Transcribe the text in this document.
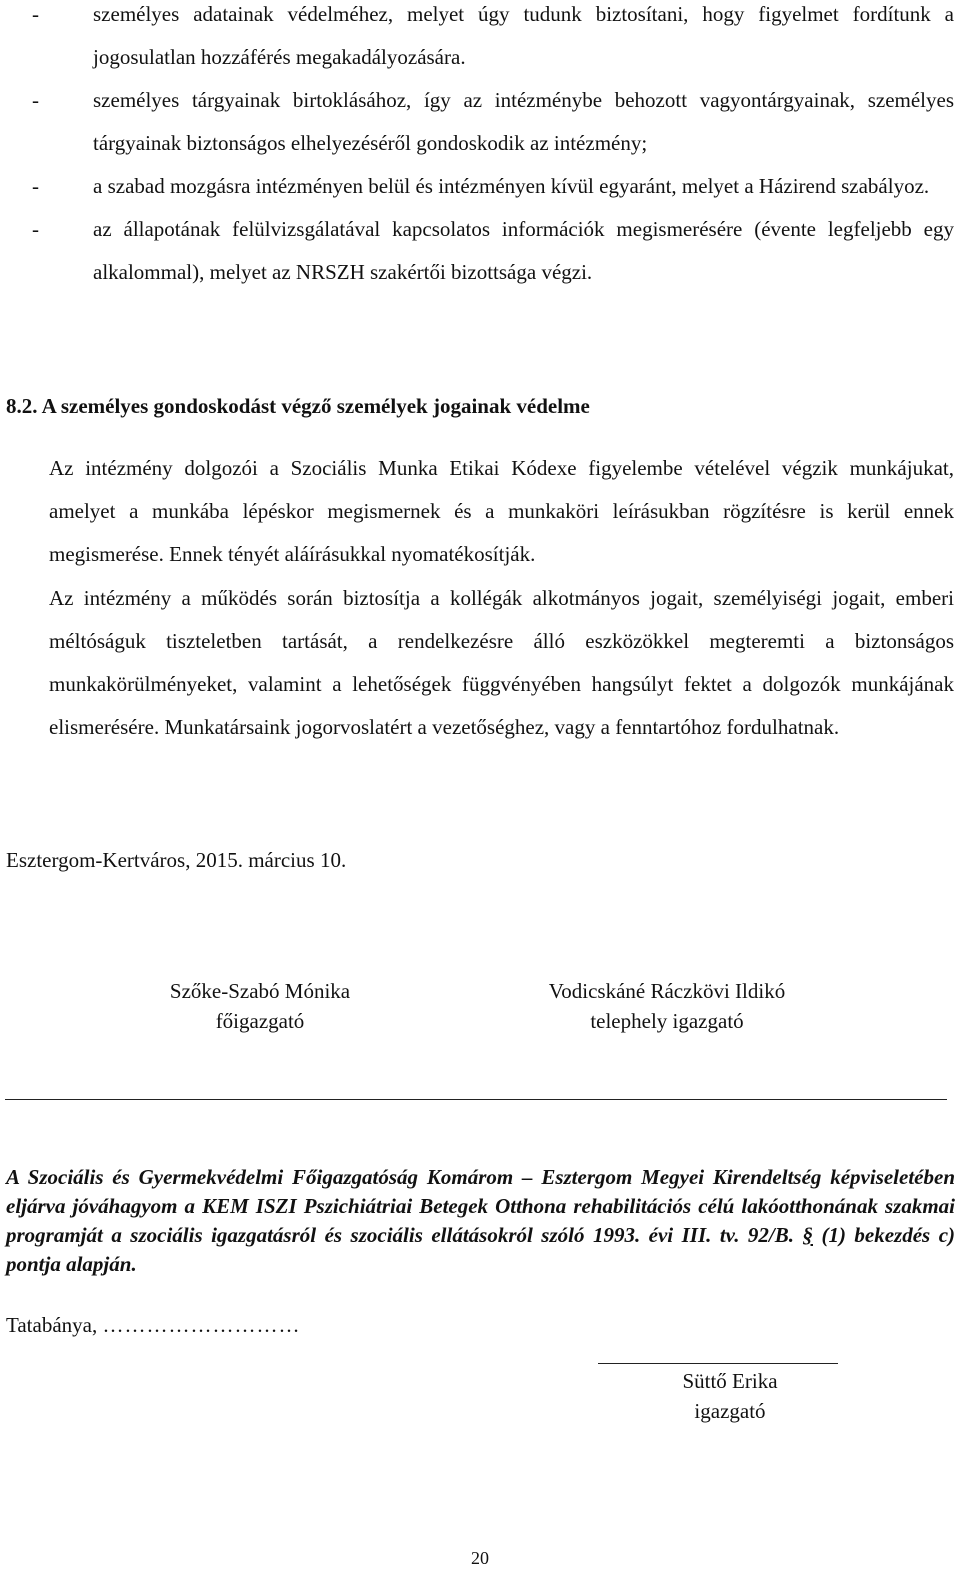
-	személyes adatainak védelméhez, melyet úgy tudunk biztosítani, hogy figyelmet fordítunk a jogosulatlan hozzáférés megakadályozására.
-	személyes tárgyainak birtoklásához, így az intézménybe behozott vagyontárgyainak, személyes tárgyainak biztonságos elhelyezéséről gondoskodik az intézmény;
-	a szabad mozgásra intézményen belül és intézményen kívül egyaránt, melyet a Házirend szabályoz.
-	az állapotának felülvizsgálatával kapcsolatos információk megismerésére (évente legfeljebb egy alkalommal), melyet az NRSZH szakértői bizottsága végzi.
8.2. A személyes gondoskodást végző személyek jogainak védelme

Az intézmény dolgozói a Szociális Munka Etikai Kódexe figyelembe vételével végzik munkájukat, amelyet a munkába lépéskor megismernek és a munkaköri leírásukban rögzítésre is kerül ennek megismerése. Ennek tényét aláírásukkal nyomatékosítják.

Az intézmény a működés során biztosítja a kollégák alkotmányos jogait, személyiségi jogait, emberi méltóságuk tiszteletben tartását, a rendelkezésre álló eszközökkel megteremti a biztonságos munkakörülményeket, valamint a lehetőségek függvényében hangsúlyt fektet a dolgozók munkájának elismerésére. Munkatársaink jogorvoslatért a vezetőséghez, vagy a fenntartóhoz fordulhatnak.

Esztergom-Kertváros, 2015. március 10.
Szőke-Szabó Mónika
főigazgató
Vodicskáné Ráczkövi Ildikó
telephely igazgató
A Szociális és Gyermekvédelmi Főigazgatóság Komárom – Esztergom Megyei Kirendeltség képviseletében eljárva jóváhagyom a KEM ISZI Pszichiátriai Betegek Otthona rehabilitációs célú lakóotthonának szakmai programját a szociális igazgatásról és szociális ellátásokról szóló 1993. évi III. tv. 92/B. § (1) bekezdés c) pontja alapján.
Tatabánya, ………………………
Süttő Erika
igazgató
20
